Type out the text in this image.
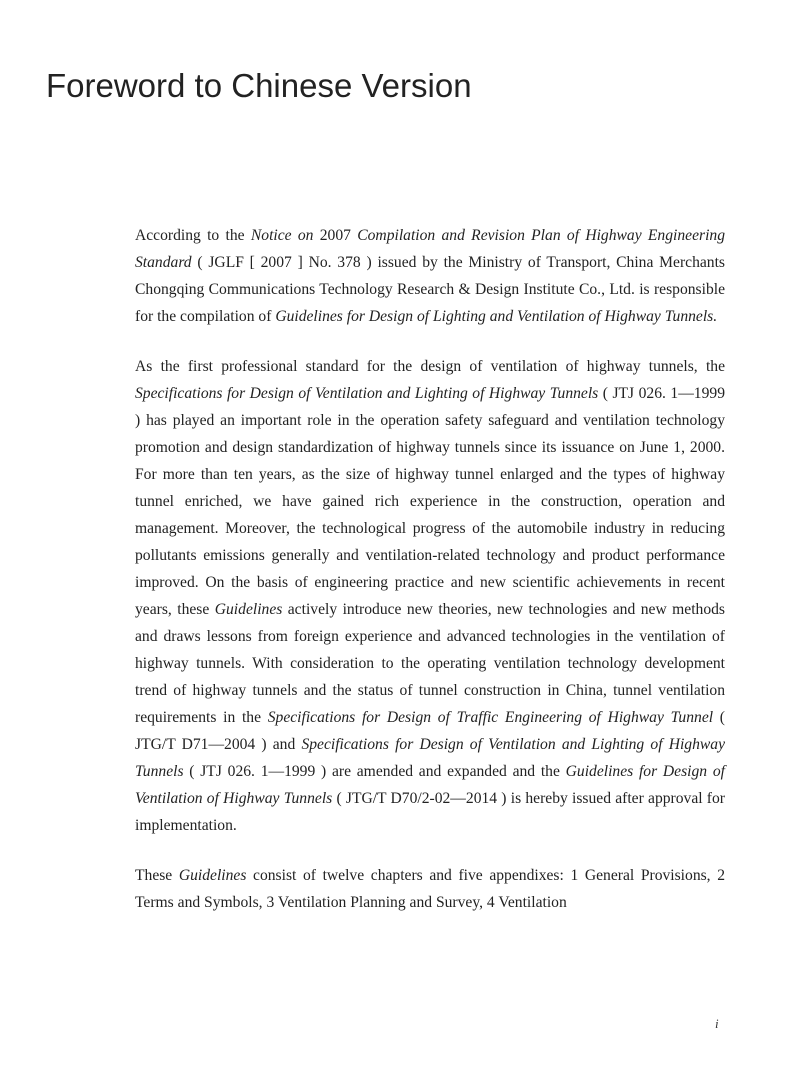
Foreword to Chinese Version

According to the Notice on 2007 Compilation and Revision Plan of Highway Engineering Standard ( JGLF [ 2007 ] No. 378 ) issued by the Ministry of Transport, China Merchants Chongqing Communications Technology Research & Design Institute Co., Ltd. is responsible for the compilation of Guidelines for Design of Lighting and Ventilation of Highway Tunnels.

As the first professional standard for the design of ventilation of highway tunnels, the Specifications for Design of Ventilation and Lighting of Highway Tunnels ( JTJ 026. 1—1999 ) has played an important role in the operation safety safeguard and ventilation technology promotion and design standardization of highway tunnels since its issuance on June 1, 2000. For more than ten years, as the size of highway tunnel enlarged and the types of highway tunnel enriched, we have gained rich experience in the construction, operation and management. Moreover, the technological progress of the automobile industry in reducing pollutants emissions generally and ventilation-related technology and product performance improved. On the basis of engineering practice and new scientific achievements in recent years, these Guidelines actively introduce new theories, new technologies and new methods and draws lessons from foreign experience and advanced technologies in the ventilation of highway tunnels. With consideration to the operating ventilation technology development trend of highway tunnels and the status of tunnel construction in China, tunnel ventilation requirements in the Specifications for Design of Traffic Engineering of Highway Tunnel ( JTG/T D71—2004 ) and Specifications for Design of Ventilation and Lighting of Highway Tunnels ( JTJ 026. 1—1999 ) are amended and expanded and the Guidelines for Design of Ventilation of Highway Tunnels ( JTG/T D70/2-02—2014 ) is hereby issued after approval for implementation.

These Guidelines consist of twelve chapters and five appendixes: 1 General Provisions, 2 Terms and Symbols, 3 Ventilation Planning and Survey, 4 Ventilation

i
